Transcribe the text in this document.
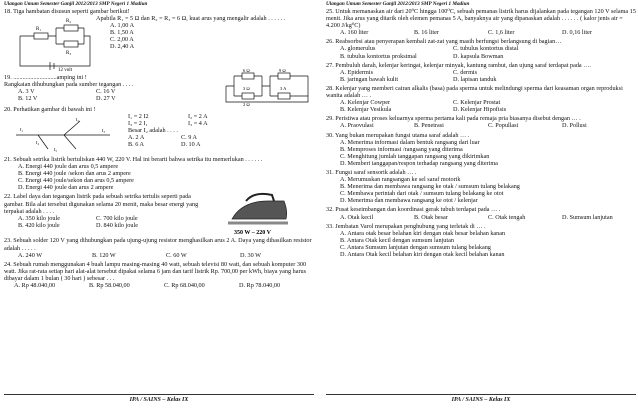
Ulangan Umum Semester Ganjil 2012/2013 SMP Negeri 1 Madiun
18. Tiga hambatan disusun seperti gambar berikut!
R₁
R₂
R₃
12 volt
Apabila R₁ = 5 Ω dan R₂ = R₃ = 6 Ω, kuat arus yang mengalir adalah . . . . . .
A. 1,00 A
B. 1,50 A
C. 2,00 A
D. 2,40 A
19. ............................amping ini !
Rangkaian dihubungkan pada sumber tegangan . . . .
A. 3 V	C. 16 V
B. 12 V	D. 27 V
6 Ω	9 Ω
3 Ω
2 Ω
3 A
20. Perhatikan gambar di bawah ini !
I₁
I₂
I₃
I₄
I₅
I₁ = 2 I2
I₃ = 2 I₁
Besar I₂ adalah . . . .
A. 2 A	C. 9 A
B. 6 A	D. 10 A
I₂ = 2 A
I₃ = 4 A
21. Sebuah setrika listrik bertuliskan 440 W, 220 V. Hal ini berarti bahwa setrika itu memerlukan . . . . . .
A. Energi 440 joule dan arus 0,5 ampere
B. Energi 440 joule /sekon dan arus 2 ampere
C. Energi 440 joule/sekon dan arus 0,5 ampere
D. Energi 440 joule dan arus 2 ampere
22. Label daya dan tegangan listrik pada sebuah setrika tertulis seperti pada gambar. Bila alat tersebut digunakan selama 20 menit, maka besar energi yang terpakai adalah . . . .
A. 350 kilo joule	C. 700 kilo joule
B. 420 kilo joule	D. 840 kilo joule
350 W – 220 V
23. Sebuah solder 120 V yang dihubungkan pada ujung-ujung resistor menghasilkan arus 2 A. Daya yang dihasilkan resistor adalah . . . . .
A. 240 W	B. 120 W	C. 60 W	D. 30 W
24. Sebuah rumah menggunakan 4 buah lampu masing-masing 40 watt, sebuah televisi 80 watt, dan sebuah komputer 300 watt. Jika rat-rata setiap hari alat-alat tersebut dipakai selama 6 jam dan tarif listrik Rp. 700,00 per kWh, biaya yang harus dibayar dalam 1 bulan ( 30 hari ) sebesar . . .
A. Rp 48.040,00	B. Rp 58.040,00	C. Rp 68.040,00	D. Rp 78.040,00
IPA / SAINS – Kelas IX
Ulangan Umum Semester Ganjil 2012/2013 SMP Negeri 1 Madiun
25. Untuk memanaskan air dari 20⁰C hingga 100⁰C, sebuah pemanas listrik harus dijalankan pada tegangan 120 V selama 15 menit. Jika arus yang ditarik oleh elemen pemanas 5 A, banyaknya air yang dipanaskan adalah . . . . . . ( kalor jenis air = 4.200 J/kg⁰C)
A. 160 liter	B. 16 liter	C. 1,6 liter	D. 0,16 liter
26. Reabsorbsi atau penyerapan kembali zat-zat yang masih berfungsi berlangsung di bagian…
A. glomerulus	C. tubulus kontortus distal
B. tubulus kontortus proksimal	D. kapsula Bowman
27. Pembuluh darah, kelenjar keringat, kelenjar minyak, kantung rambut, dan ujung saraf terdapat pada ….
A. Epidermis	C. dermis
B. jaringan bawah kulit	D. lapisan tanduk
28. Kelenjar yang memberi cairan alkalis (basa) pada sperma untuk melindungi sperma dari keasaman organ reproduksi wanita adalah … .
A. Kelenjar Cowper	C. Kelenjar Prostat
B. Kelenjar Vesikula	D. Kelenjar Hipofisis
29. Peristiwa atau proses keluarnya sperma pertama kali pada remaja pria biasanya disebut dengan … .
A. Praovulasi	B. Penetrasi	C. Popullasi	D. Pollusi
30. Yang bukan merupakan fungsi utama saraf adalah … .
A. Menerima informasi dalam bentuk rangsang dari luar
B. Memproses informasi /rangsang yang diterima
C. Menghitung jumlah tanggapan rangsang yang dikirimkan
D. Memberi tanggapan/respon terhadap rangsang yang diterima
31. Fungsi saraf sensorik adalah … .
A. Merumuskan rangsangan ke sel saraf motorik
B. Menerima dan membawa rangsang ke otak / sumsum tulang belakang
C. Membawa perintah dari otak / sumsum tulang belakang ke otot
D. Menerima dan membawa rangsang ke otot / kelenjar
32. Pusat keseimbangan dan koordinasi gerak tubuh terdapat pada … .
A. Otak kecil	B. Otak besar	C. Otak tengah	D. Sumsum lanjutan
33. Jembatan Varol merupakan penghubung yang terletak di … .
A. Antara otak besar belahan kiri dengan otak besar belahan kanan
B. Antara Otak kecil dengan sumsum lanjutan
C. Antara Sumsum lanjutan dengan sumsum tulang belakang
D. Antara Otak kecil belahan kiri dengan otak kecil belahan kanan
IPA / SAINS – Kelas IX
